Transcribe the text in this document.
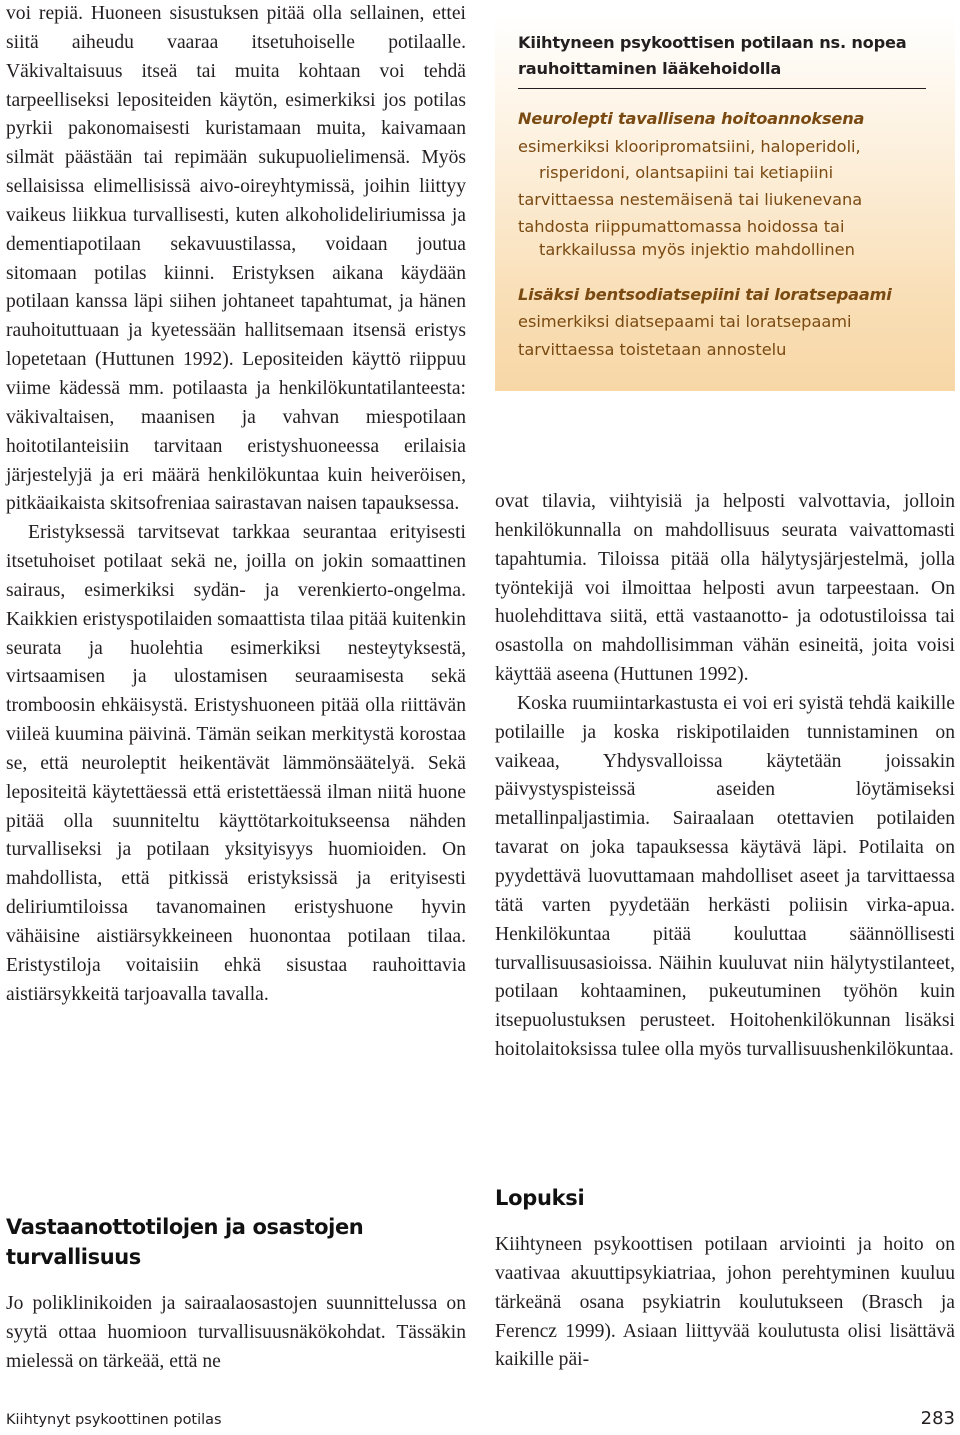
voi repiä. Huoneen sisustuksen pitää olla sellainen, ettei siitä aiheudu vaaraa itsetuhoiselle potilaalle. Väkivaltaisuus itseä tai muita kohtaan voi tehdä tarpeelliseksi lepositeiden käytön, esimerkiksi jos potilas pyrkii pakonomaisesti kuristamaan muita, kaivamaan silmät päästään tai repimään sukupuolielimensä. Myös sellaisissa elimellisissä aivo-oireyhtymissä, joihin liittyy vaikeus liikkua turvallisesti, kuten alkoholideliriumissa ja dementiapotilaan sekavuustilassa, voidaan joutua sitomaan potilas kiinni. Eristyksen aikana käydään potilaan kanssa läpi siihen johtaneet tapahtumat, ja hänen rauhoituttuaan ja kyetessään hallitsemaan itsensä eristys lopetetaan (Huttunen 1992). Lepositeiden käyttö riippuu viime kädessä mm. potilaasta ja henkilökuntatilanteesta: väkivaltaisen, maanisen ja vahvan miespotilaan hoitotilanteisiin tarvitaan eristyshuoneessa erilaisia järjestelyjä ja eri määrä henkilökuntaa kuin heiveröisen, pitkäaikaista skitsofreniaa sairastavan naisen tapauksessa.

Eristyksessä tarvitsevat tarkkaa seurantaa erityisesti itsetuhoiset potilaat sekä ne, joilla on jokin somaattinen sairaus, esimerkiksi sydän- ja verenkierto-ongelma. Kaikkien eristyspotilaiden somaattista tilaa pitää kuitenkin seurata ja huolehtia esimerkiksi nesteytyksestä, virtsaamisen ja ulostamisen seuraamisesta sekä tromboosin ehkäisystä. Eristyshuoneen pitää olla riittävän viileä kuumina päivinä. Tämän seikan merkitystä korostaa se, että neuroleptit heikentävät lämmönsäätelyä. Sekä lepositeitä käytettäessä että eristettäessä ilman niitä huone pitää olla suunniteltu käyttötarkoitukseensa nähden turvalliseksi ja potilaan yksityisyys huomioiden. On mahdollista, että pitkissä eristyksissä ja erityisesti deliriumtiloissa tavanomainen eristyshuone hyvin vähäisine aistiärsykkeineen huonontaa potilaan tilaa. Eristystiloja voitaisiin ehkä sisustaa rauhoittavia aistiärsykkeitä tarjoavalla tavalla.

Vastaanottotilojen ja osastojen turvallisuus

Jo poliklinikoiden ja sairaalaosastojen suunnittelussa on syytä ottaa huomioon turvallisuusnäkökohdat. Tässäkin mielessä on tärkeää, että ne

Kiihtyneen psykoottisen potilaan ns. nopea rauhoittaminen lääkehoidolla
Neurolepti tavallisena hoitoannoksena
esimerkiksi klooripromatsiini, haloperidoli,
risperidoni, olantsapiini tai ketiapiini
tarvittaessa nestemäisenä tai liukenevana
tahdosta riippumattomassa hoidossa tai
tarkkailussa myös injektio mahdollinen
Lisäksi bentsodiatsepiini tai loratsepaami
esimerkiksi diatsepaami tai loratsepaami
tarvittaessa toistetaan annostelu

ovat tilavia, viihtyisiä ja helposti valvottavia, jolloin henkilökunnalla on mahdollisuus seurata vaivattomasti tapahtumia. Tiloissa pitää olla hälytysjärjestelmä, jolla työntekijä voi ilmoittaa helposti avun tarpeestaan. On huolehdittava siitä, että vastaanotto- ja odotustiloissa tai osastolla on mahdollisimman vähän esineitä, joita voisi käyttää aseena (Huttunen 1992).

Koska ruumiintarkastusta ei voi eri syistä tehdä kaikille potilaille ja koska riskipotilaiden tunnistaminen on vaikeaa, Yhdysvalloissa käytetään joissakin päivystyspisteissä aseiden löytämiseksi metallinpaljastimia. Sairaalaan otettavien potilaiden tavarat on joka tapauksessa käytävä läpi. Potilaita on pyydettävä luovuttamaan mahdolliset aseet ja tarvittaessa tätä varten pyydetään herkästi poliisin virka-apua. Henkilökuntaa pitää kouluttaa säännöllisesti turvallisuusasioissa. Näihin kuuluvat niin hälytystilanteet, potilaan kohtaaminen, pukeutuminen työhön kuin itsepuolustuksen perusteet. Hoitohenkilökunnan lisäksi hoitolaitoksissa tulee olla myös turvallisuushenkilökuntaa.

Lopuksi

Kiihtyneen psykoottisen potilaan arviointi ja hoito on vaativaa akuuttipsykiatriaa, johon perehtyminen kuuluu tärkeänä osana psykiatrin koulutukseen (Brasch ja Ferencz 1999). Asiaan liittyvää koulutusta olisi lisättävä kaikille päi-

Kiihtynyt psykoottinen potilas	283
